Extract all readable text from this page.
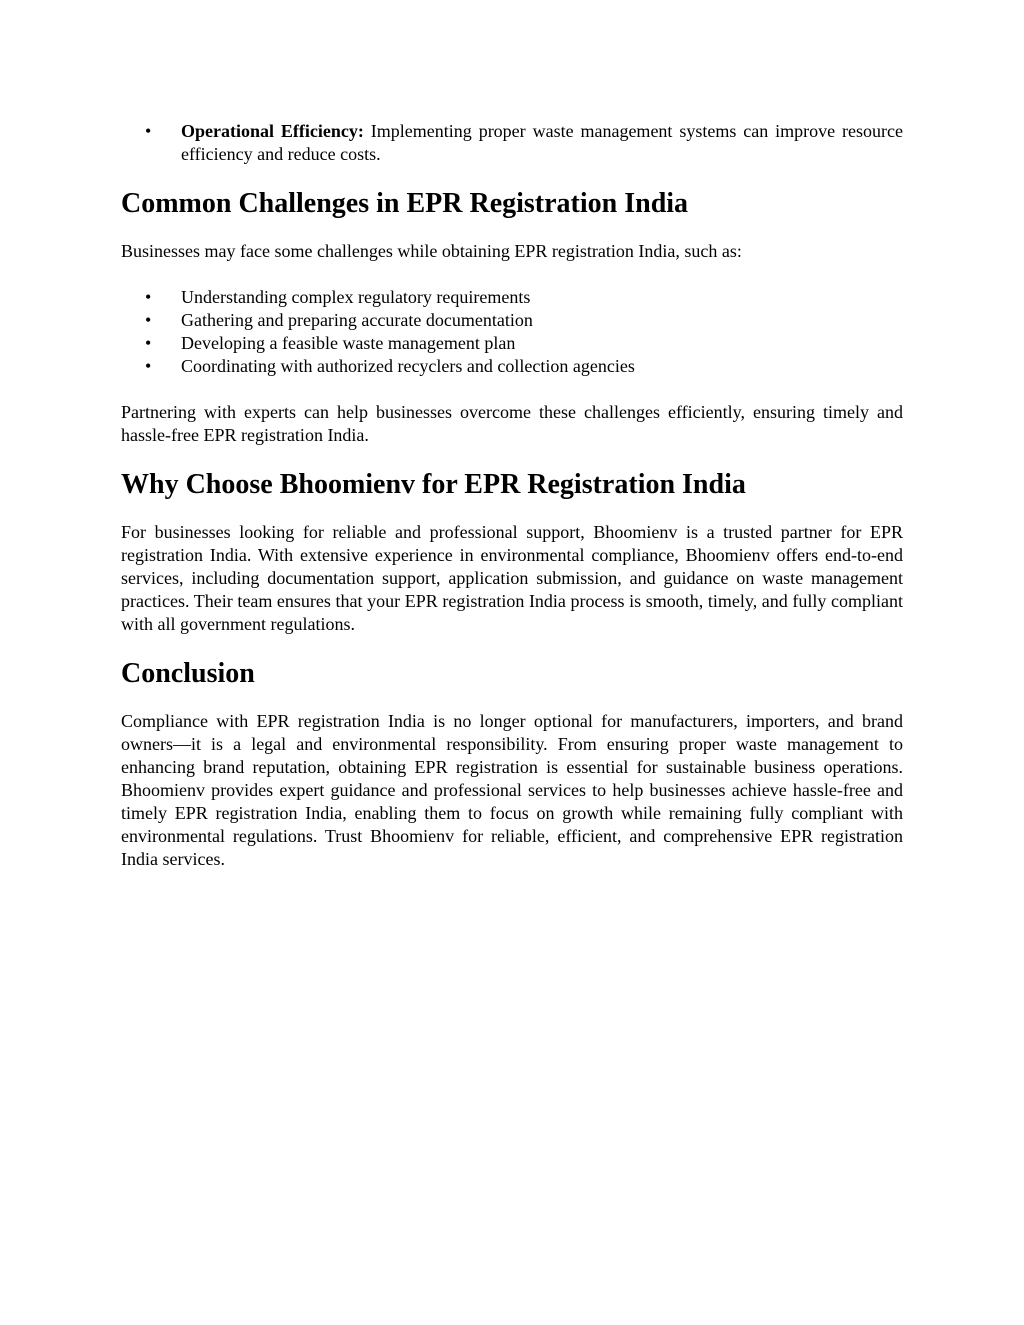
• Operational Efficiency: Implementing proper waste management systems can improve resource efficiency and reduce costs.
Common Challenges in EPR Registration India

Businesses may face some challenges while obtaining EPR registration India, such as:

• Understanding complex regulatory requirements
• Gathering and preparing accurate documentation
• Developing a feasible waste management plan
• Coordinating with authorized recyclers and collection agencies

Partnering with experts can help businesses overcome these challenges efficiently, ensuring timely and hassle-free EPR registration India.

Why Choose Bhoomienv for EPR Registration India

For businesses looking for reliable and professional support, Bhoomienv is a trusted partner for EPR registration India. With extensive experience in environmental compliance, Bhoomienv offers end-to-end services, including documentation support, application submission, and guidance on waste management practices. Their team ensures that your EPR registration India process is smooth, timely, and fully compliant with all government regulations.

Conclusion

Compliance with EPR registration India is no longer optional for manufacturers, importers, and brand owners—it is a legal and environmental responsibility. From ensuring proper waste management to enhancing brand reputation, obtaining EPR registration is essential for sustainable business operations. Bhoomienv provides expert guidance and professional services to help businesses achieve hassle-free and timely EPR registration India, enabling them to focus on growth while remaining fully compliant with environmental regulations. Trust Bhoomienv for reliable, efficient, and comprehensive EPR registration India services.
